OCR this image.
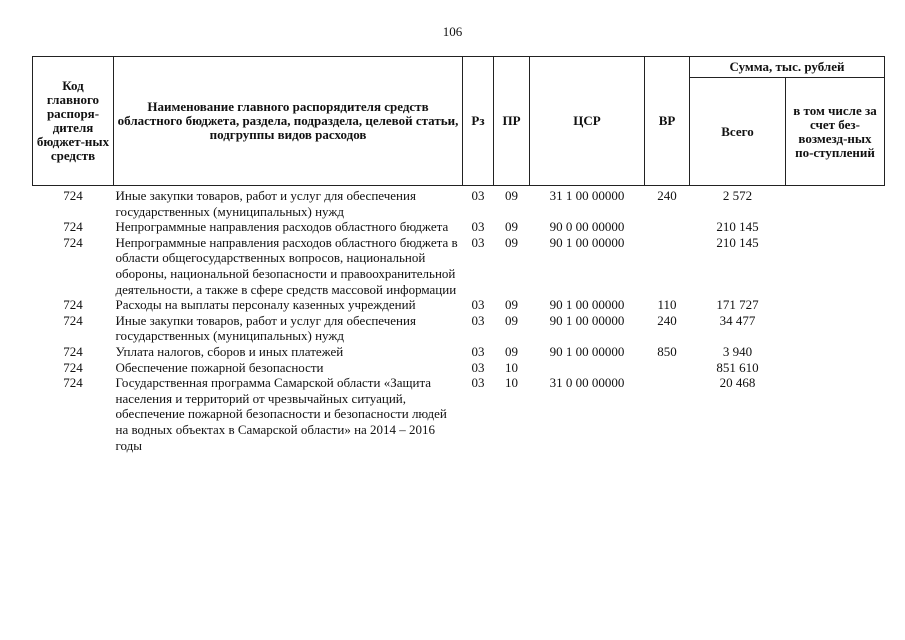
106
Код главного распоря-дителя бюджет-ных средств	Наименование главного распорядителя средств областного бюджета, раздела, подраздела, целевой статьи, подгруппы видов расходов	Рз	ПР	ЦСР	ВР	Сумма, тыс. рублей	
						Всего	в том числе за счет без-возмезд-ных по-ступлений

724	Иные закупки товаров, работ и услуг для обеспечения государственных (муниципальных) нужд	03	09	31 1 00 00000	240	2 572	
724	Непрограммные направления расходов областного бюджета	03	09	90 0 00 00000		210 145	
724	Непрограммные направления расходов областного бюджета в области общегосударственных вопросов, национальной обороны, национальной безопасности и правоохранительной деятельности, а также в сфере средств массовой информации	03	09	90 1 00 00000		210 145	
724	Расходы на выплаты персоналу казенных учреждений	03	09	90 1 00 00000	110	171 727	
724	Иные закупки товаров, работ и услуг для обеспечения государственных (муниципальных) нужд	03	09	90 1 00 00000	240	34 477	
724	Уплата налогов, сборов и иных платежей	03	09	90 1 00 00000	850	3 940	
724	Обеспечение пожарной безопасности	03	10			851 610	
724	Государственная программа Самарской области «Защита населения и территорий от чрезвычайных ситуаций, обеспечение пожарной безопасности и безопасности людей на водных объектах в Самарской области» на 2014 – 2016 годы	03	10	31 0 00 00000		20 468	
